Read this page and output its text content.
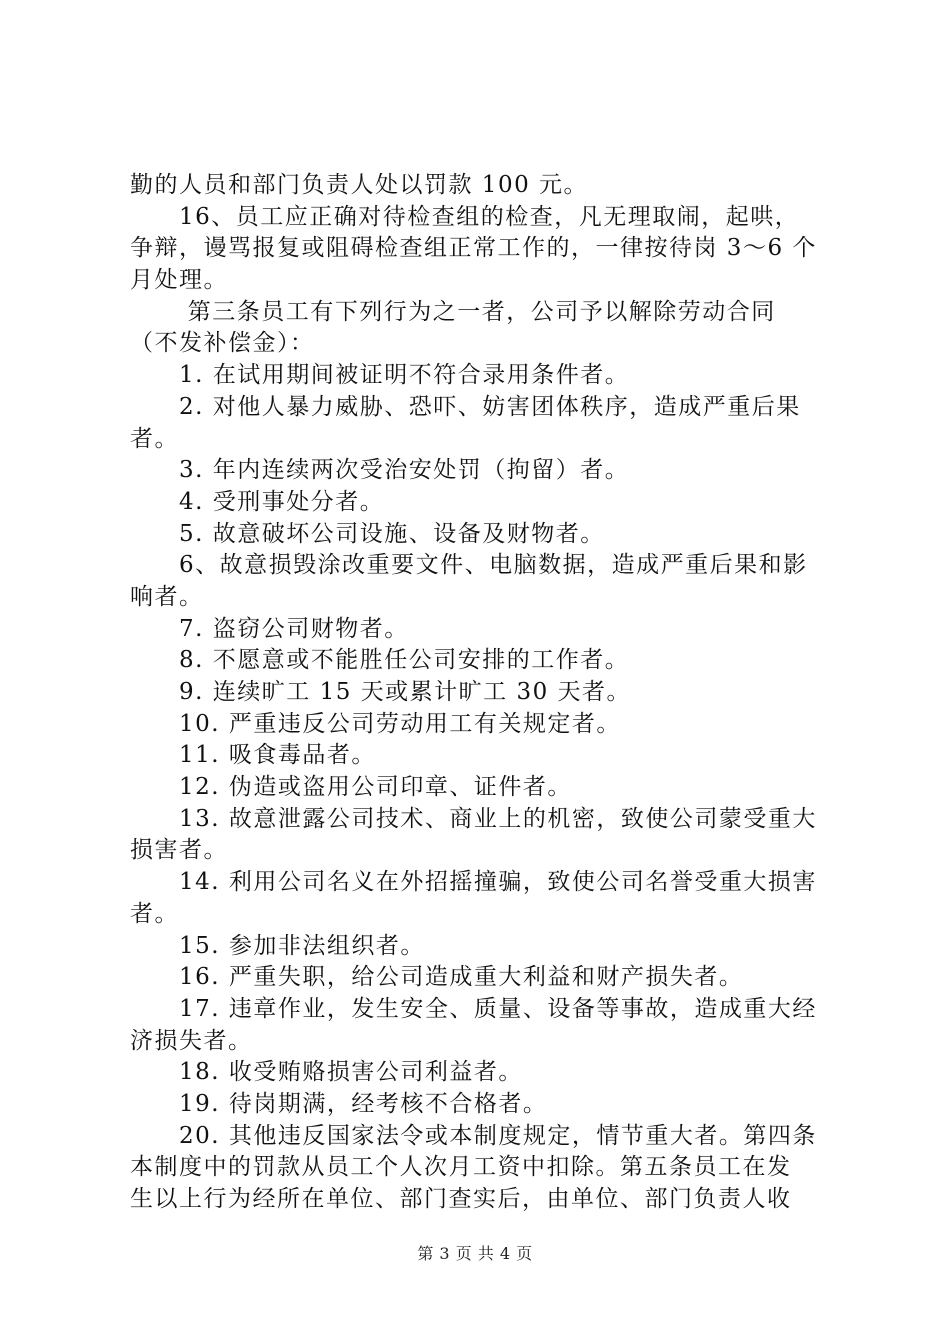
勤的人员和部门负责人处以罚款 100 元。
　　16、员工应正确对待检查组的检查，凡无理取闹，起哄，
争辩，谩骂报复或阻碍检查组正常工作的，一律按待岗 3～6 个
月处理。
　　 第三条员工有下列行为之一者，公司予以解除劳动合同
（不发补偿金）：
　　1. 在试用期间被证明不符合录用条件者。
　　2. 对他人暴力威胁、恐吓、妨害团体秩序，造成严重后果
者。
　　3. 年内连续两次受治安处罚（拘留）者。
　　4. 受刑事处分者。
　　5. 故意破坏公司设施、设备及财物者。
　　6、故意损毁涂改重要文件、电脑数据，造成严重后果和影
响者。
　　7. 盗窃公司财物者。
　　8. 不愿意或不能胜任公司安排的工作者。
　　9. 连续旷工 15 天或累计旷工 30 天者。
　　10. 严重违反公司劳动用工有关规定者。
　　11. 吸食毒品者。
　　12. 伪造或盗用公司印章、证件者。
　　13. 故意泄露公司技术、商业上的机密，致使公司蒙受重大
损害者。
　　14. 利用公司名义在外招摇撞骗，致使公司名誉受重大损害
者。
　　15. 参加非法组织者。
　　16. 严重失职，给公司造成重大利益和财产损失者。
　　17. 违章作业，发生安全、质量、设备等事故，造成重大经
济损失者。
　　18. 收受贿赂损害公司利益者。
　　19. 待岗期满，经考核不合格者。
　　20. 其他违反国家法令或本制度规定，情节重大者。第四条
本制度中的罚款从员工个人次月工资中扣除。第五条员工在发
生以上行为经所在单位、部门查实后，由单位、部门负责人收
第 3 页 共 4 页
